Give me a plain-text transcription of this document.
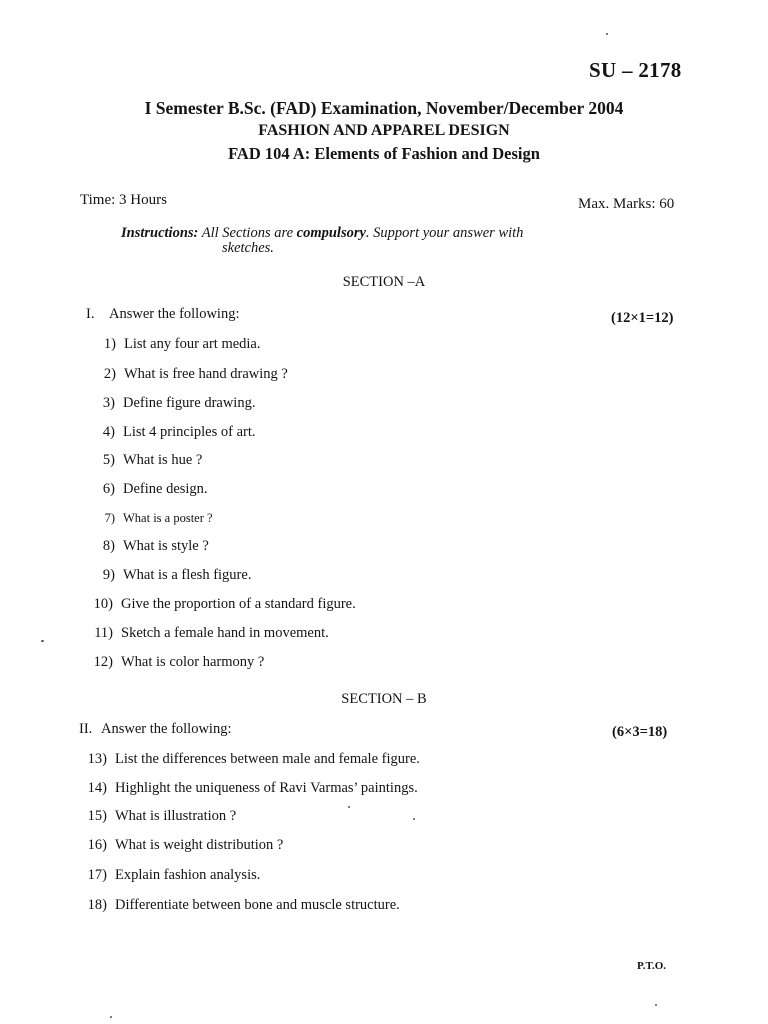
SU – 2178
I Semester B.Sc. (FAD) Examination, November/December 2004
FASHION AND APPAREL DESIGN
FAD 104 A: Elements of Fashion and Design
Time: 3 Hours	Max. Marks: 60
Instructions: All Sections are compulsory. Support your answer with
sketches.
SECTION –A
I. Answer the following:	(12×1=12)
1) List any four art media.
2) What is free hand drawing ?
3) Define figure drawing.
4) List 4 principles of art.
5) What is hue ?
6) Define design.
7) What is a poster ?
8) What is style ?
9) What is a flesh figure.
10) Give the proportion of a standard figure.
11) Sketch a female hand in movement.
12) What is color harmony ?
SECTION – B
II. Answer the following:	(6×3=18)
13) List the differences between male and female figure.
14) Highlight the uniqueness of Ravi Varmas’ paintings.
15) What is illustration ?
16) What is weight distribution ?
17) Explain fashion analysis.
18) Differentiate between bone and muscle structure.
P.T.O.
